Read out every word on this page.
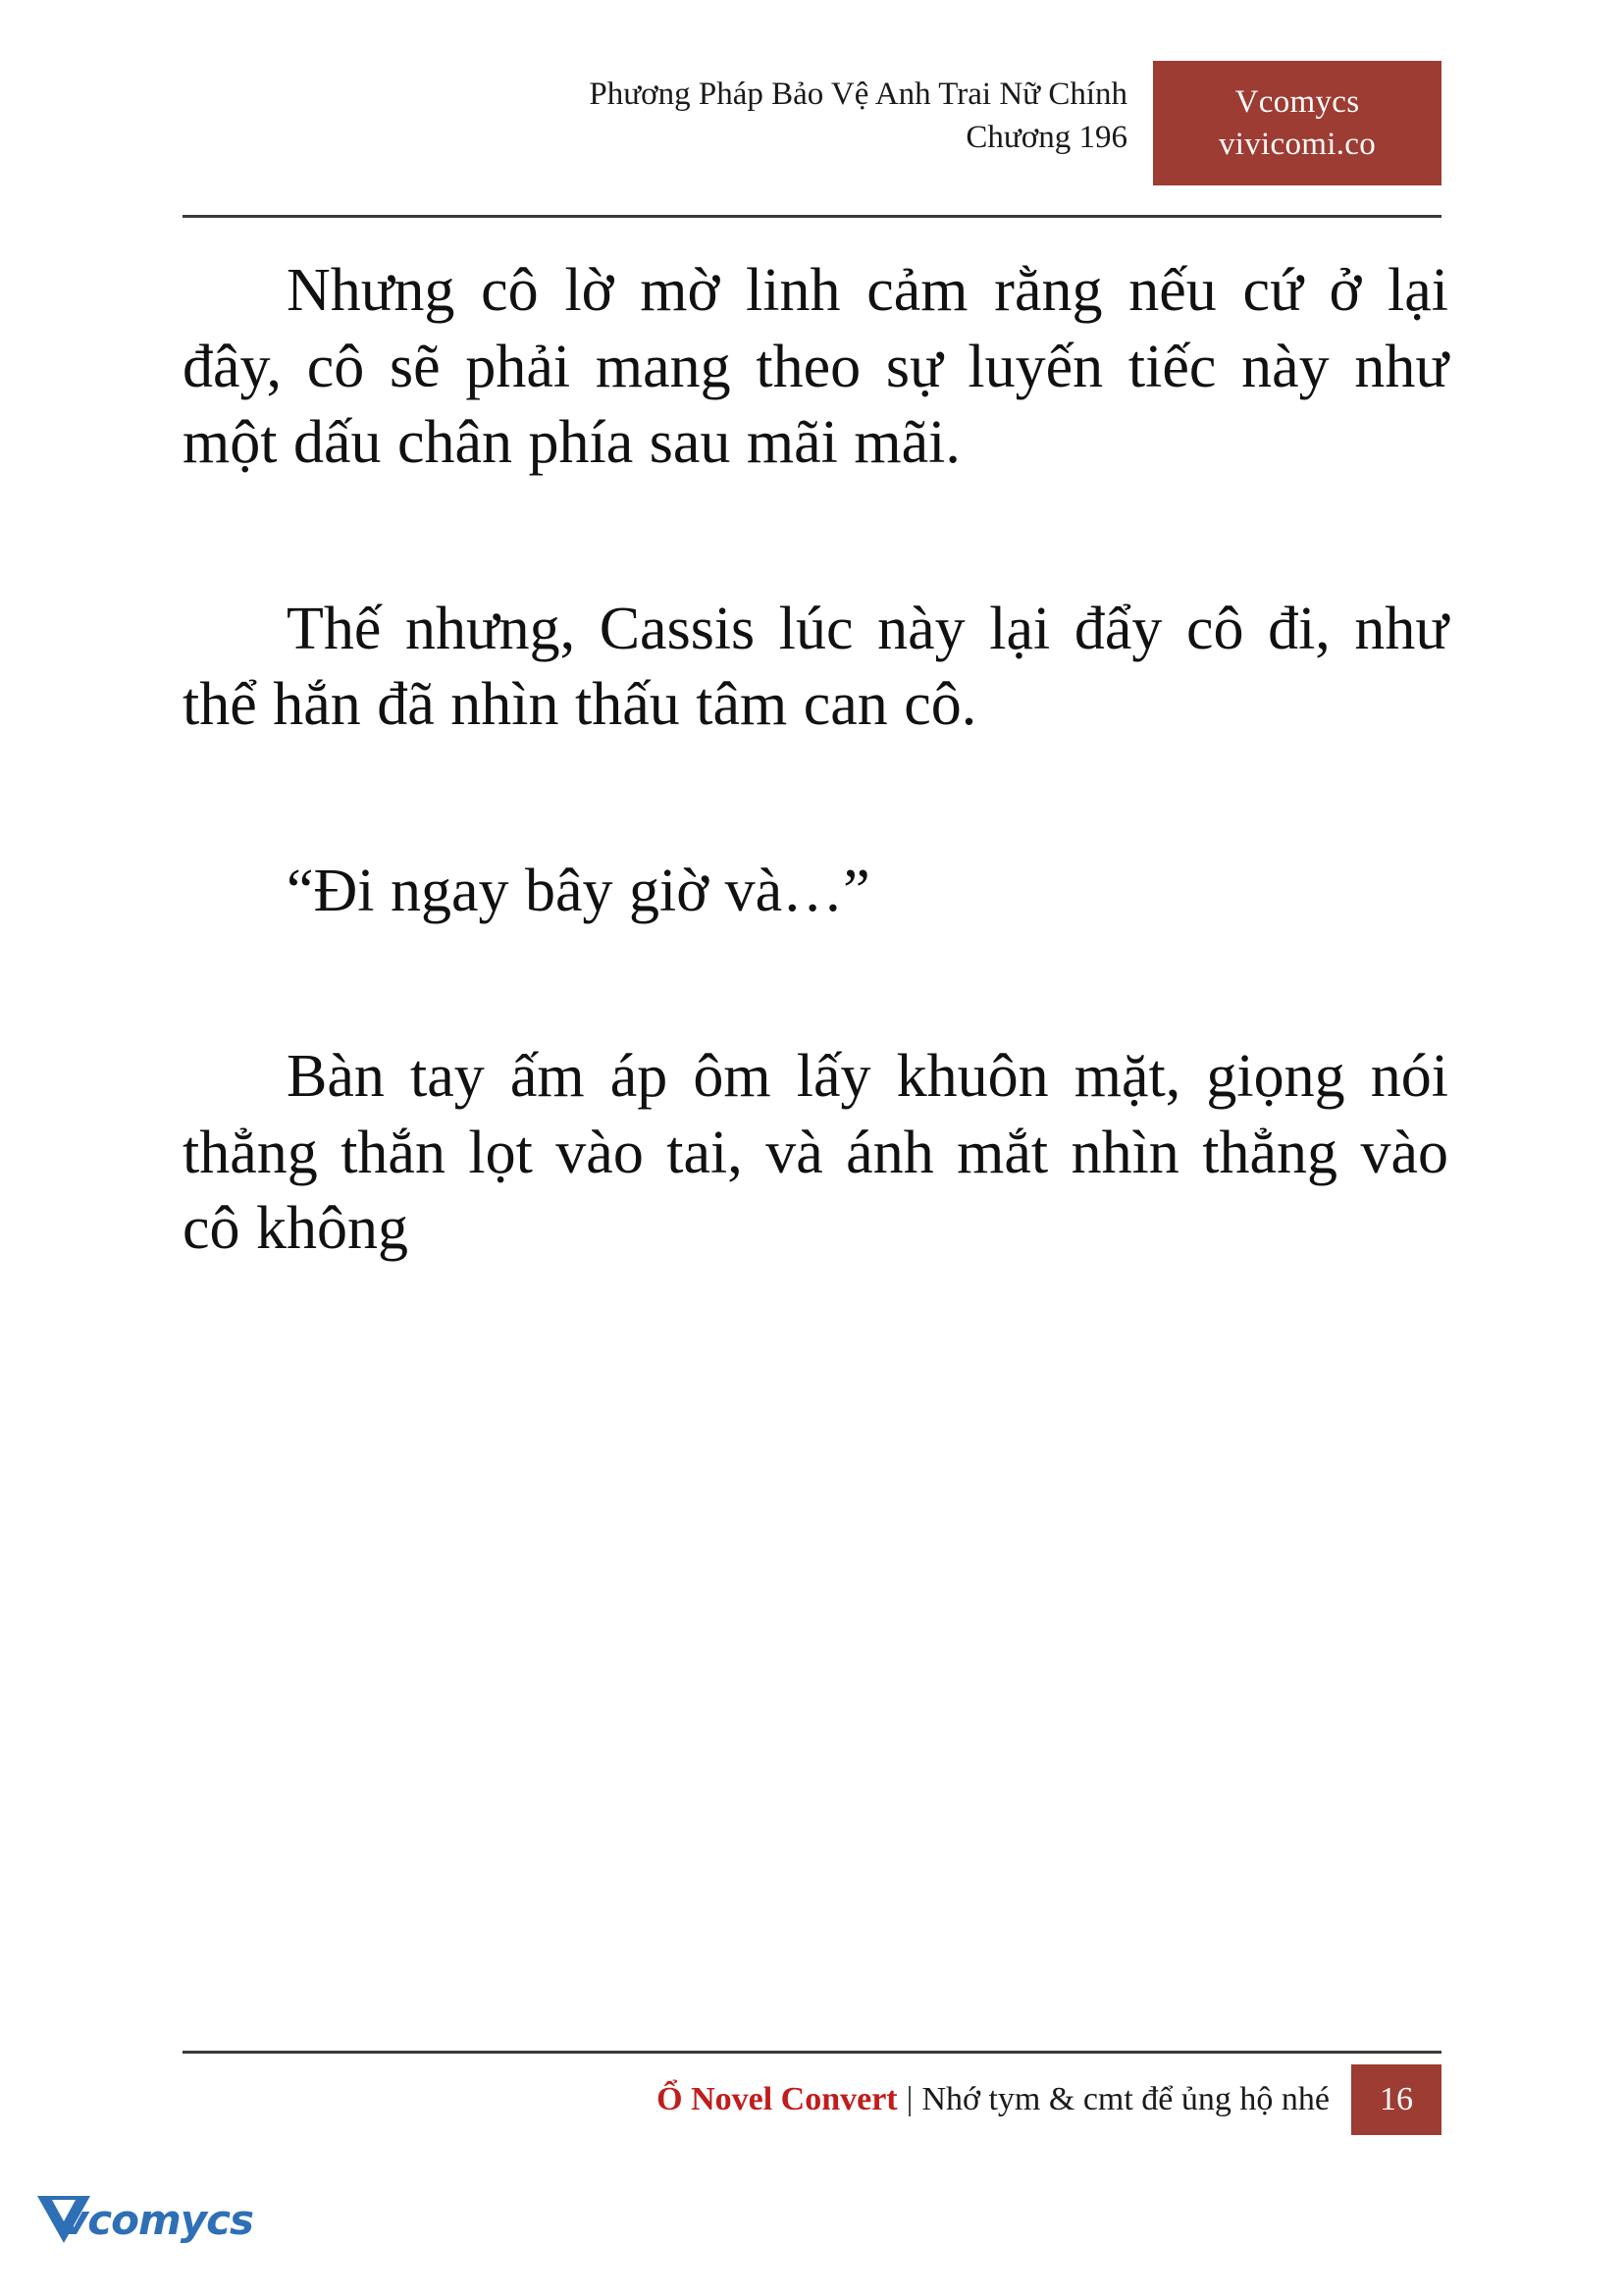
Phương Pháp Bảo Vệ Anh Trai Nữ Chính
Chương 196
Vcomycs
vivicomi.co

Nhưng cô lờ mờ linh cảm rằng nếu cứ ở lại đây, cô sẽ phải mang theo sự luyến tiếc này như một dấu chân phía sau mãi mãi.

Thế nhưng, Cassis lúc này lại đẩy cô đi, như thể hắn đã nhìn thấu tâm can cô.

“Đi ngay bây giờ và…”

Bàn tay ấm áp ôm lấy khuôn mặt, giọng nói thẳng thắn lọt vào tai, và ánh mắt nhìn thẳng vào cô không

Ổ Novel Convert | Nhớ tym & cmt để ủng hộ nhé	16
vcomycs
